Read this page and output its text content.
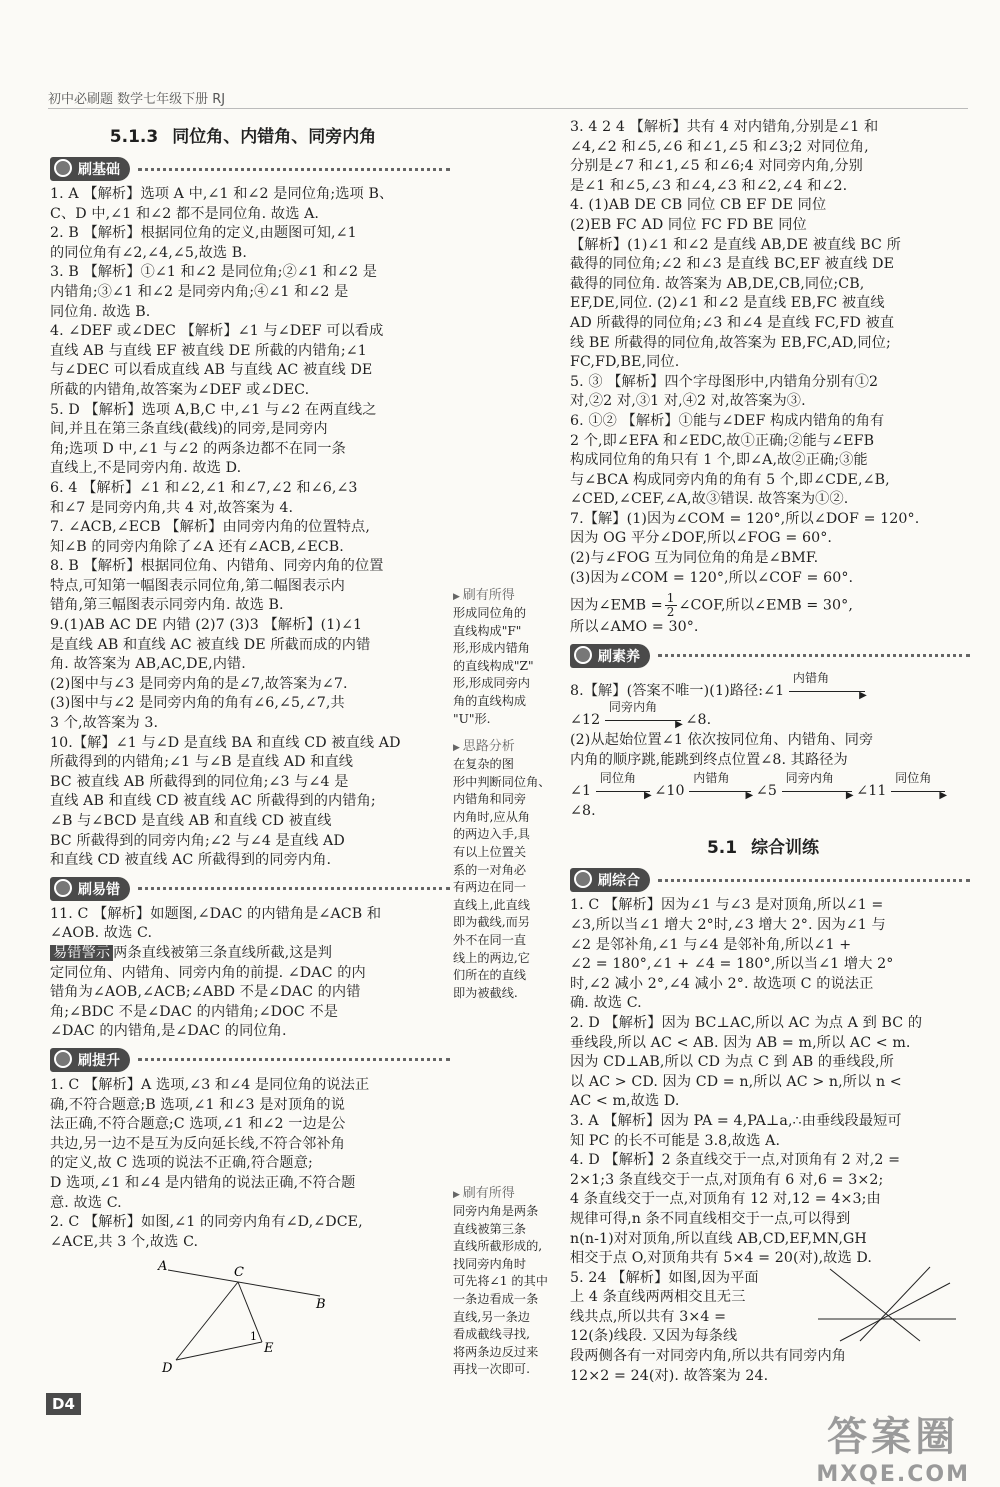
初中必刷题 数学七年级下册 RJ
5.1.3 同位角、内错角、同旁内角
刷基础
1. A 【解析】选项 A 中,∠1 和∠2 是同位角;选项 B、
C、D 中,∠1 和∠2 都不是同位角. 故选 A.
2. B 【解析】根据同位角的定义,由题图可知,∠1
的同位角有∠2,∠4,∠5,故选 B.
3. B 【解析】①∠1 和∠2 是同位角;②∠1 和∠2 是
内错角;③∠1 和∠2 是同旁内角;④∠1 和∠2 是
同位角. 故选 B.
4. ∠DEF 或∠DEC 【解析】∠1 与∠DEF 可以看成
直线 AB 与直线 EF 被直线 DE 所截的内错角;∠1
与∠DEC 可以看成直线 AB 与直线 AC 被直线 DE
所截的内错角,故答案为∠DEF 或∠DEC.
5. D 【解析】选项 A,B,C 中,∠1 与∠2 在两直线之
间,并且在第三条直线(截线)的同旁,是同旁内
角;选项 D 中,∠1 与∠2 的两条边都不在同一条
直线上,不是同旁内角. 故选 D.
6. 4 【解析】∠1 和∠2,∠1 和∠7,∠2 和∠6,∠3
和∠7 是同旁内角,共 4 对,故答案为 4.
7. ∠ACB,∠ECB 【解析】由同旁内角的位置特点,
知∠B 的同旁内角除了∠A 还有∠ACB,∠ECB.
8. B 【解析】根据同位角、内错角、同旁内角的位置
特点,可知第一幅图表示同位角,第二幅图表示内
错角,第三幅图表示同旁内角. 故选 B.
9.(1)AB AC DE 内错 (2)7 (3)3 【解析】(1)∠1
是直线 AB 和直线 AC 被直线 DE 所截而成的内错
角. 故答案为 AB,AC,DE,内错.
(2)图中与∠3 是同旁内角的是∠7,故答案为∠7.
(3)图中与∠2 是同旁内角的角有∠6,∠5,∠7,共
3 个,故答案为 3.
10.【解】∠1 与∠D 是直线 BA 和直线 CD 被直线 AD
所截得到的内错角;∠1 与∠B 是直线 AD 和直线
BC 被直线 AB 所截得到的同位角;∠3 与∠4 是
直线 AB 和直线 CD 被直线 AC 所截得到的内错角;
∠B 与∠BCD 是直线 AB 和直线 CD 被直线
BC 所截得到的同旁内角;∠2 与∠4 是直线 AD
和直线 CD 被直线 AC 所截得到的同旁内角.
刷易错
11. C 【解析】如题图,∠DAC 的内错角是∠ACB 和
∠AOB. 故选 C.
易错警示 两条直线被第三条直线所截,这是判
定同位角、内错角、同旁内角的前提. ∠DAC 的内
错角为∠AOB,∠ACB;∠ABD 不是∠DAC 的内错
角;∠BDC 不是∠DAC 的内错角;∠DOC 不是
∠DAC 的内错角,是∠DAC 的同位角.
刷提升
1. C 【解析】A 选项,∠3 和∠4 是同位角的说法正
确,不符合题意;B 选项,∠1 和∠3 是对顶角的说
法正确,不符合题意;C 选项,∠1 和∠2 一边是公
共边,另一边不是互为反向延长线,不符合邻补角
的定义,故 C 选项的说法不正确,符合题意;
D 选项,∠1 和∠4 是内错角的说法正确,不符合题
意. 故选 C.
2. C 【解析】如图,∠1 的同旁内角有∠D,∠DCE,
∠ACE,共 3 个,故选 C.
A	C
B
D
E
1
▶ 刷有所得
形成同位角的
直线构成"F"
形,形成内错角
的直线构成"Z"
形,形成同旁内
角的直线构成
"U"形.
▶ 思路分析
在复杂的图
形中判断同位角、
内错角和同旁
内角时,应从角
的两边入手,具
有以上位置关
系的一对角必
有两边在同一
直线上,此直线
即为截线,而另
外不在同一直
线上的两边,它
们所在的直线
即为被截线.
▶ 刷有所得
同旁内角是两条
直线被第三条
直线所截形成的,
找同旁内角时
可先将∠1 的其中
一条边看成一条
直线,另一条边
看成截线寻找,
将两条边反过来
再找一次即可.
3. 4 2 4 【解析】共有 4 对内错角,分别是∠1 和
∠4,∠2 和∠5,∠6 和∠1,∠5 和∠3;2 对同位角,
分别是∠7 和∠1,∠5 和∠6;4 对同旁内角,分别
是∠1 和∠5,∠3 和∠4,∠3 和∠2,∠4 和∠2.
4. (1)AB DE CB 同位 CB EF DE 同位
(2)EB FC AD 同位 FC FD BE 同位
【解析】(1)∠1 和∠2 是直线 AB,DE 被直线 BC 所
截得的同位角;∠2 和∠3 是直线 BC,EF 被直线 DE
截得的同位角. 故答案为 AB,DE,CB,同位;CB,
EF,DE,同位. (2)∠1 和∠2 是直线 EB,FC 被直线
AD 所截得的同位角;∠3 和∠4 是直线 FC,FD 被直
线 BE 所截得的同位角,故答案为 EB,FC,AD,同位;
FC,FD,BE,同位.
5. ③ 【解析】四个字母图形中,内错角分别有①2
对,②2 对,③1 对,④2 对,故答案为③.
6. ①② 【解析】①能与∠DEF 构成内错角的角有
2 个,即∠EFA 和∠EDC,故①正确;②能与∠EFB
构成同位角的角只有 1 个,即∠A,故②正确;③能
与∠BCA 构成同旁内角的角有 5 个,即∠CDE,∠B,
∠CED,∠CEF,∠A,故③错误. 故答案为①②.
7.【解】(1)因为∠COM = 120°,所以∠DOF = 120°.
因为 OG 平分∠DOF,所以∠FOG = 60°.
(2)与∠FOG 互为同位角的角是∠BMF.
(3)因为∠COM = 120°,所以∠COF = 60°.
因为∠EMB = $\frac{1}{2}$ ∠COF,所以∠EMB = 30°,
所以∠AMO = 30°.
刷素养
8.【解】(答案不唯一)(1)路径:∠1
内错角
▶
∠12
同旁内角
▶ ∠8.
(2)从起始位置∠1 依次按同位角、内错角、同旁
内角的顺序跳,能跳到终点位置∠8. 其路径为
∠1
同位角
▶ ∠10
内错角
▶ ∠5
同旁内角
▶ ∠11
同位角
▶
∠8.
5.1 综合训练
刷综合
1. C 【解析】因为∠1 与∠3 是对顶角,所以∠1 =
∠3,所以当∠1 增大 2°时,∠3 增大 2°. 因为∠1 与
∠2 是邻补角,∠1 与∠4 是邻补角,所以∠1 +
∠2 = 180°,∠1 + ∠4 = 180°,所以当∠1 增大 2°
时,∠2 减小 2°,∠4 减小 2°. 故选项 C 的说法正
确. 故选 C.
2. D 【解析】因为 BC⊥AC,所以 AC 为点 A 到 BC 的
垂线段,所以 AC < AB. 因为 AB = m,所以 AC < m.
因为 CD⊥AB,所以 CD 为点 C 到 AB 的垂线段,所
以 AC > CD. 因为 CD = n,所以 AC > n,所以 n <
AC < m,故选 D.
3. A 【解析】因为 PA = 4,PA⊥a,∴由垂线段最短可
知 PC 的长不可能是 3.8,故选 A.
4. D 【解析】2 条直线交于一点,对顶角有 2 对,2 =
2×1;3 条直线交于一点,对顶角有 6 对,6 = 3×2;
4 条直线交于一点,对顶角有 12 对,12 = 4×3;由
规律可得,n 条不同直线相交于一点,可以得到
n(n-1)对对顶角,所以直线 AB,CD,EF,MN,GH
相交于点 O,对顶角共有 5×4 = 20(对),故选 D.
5. 24 【解析】如图,因为平面
上 4 条直线两两相交且无三
线共点,所以共有 3×4 =
12(条)线段. 又因为每条线
段两侧各有一对同旁内角,所以共有同旁内角
12×2 = 24(对). 故答案为 24.
D4
答案圈
MXQE.COM
